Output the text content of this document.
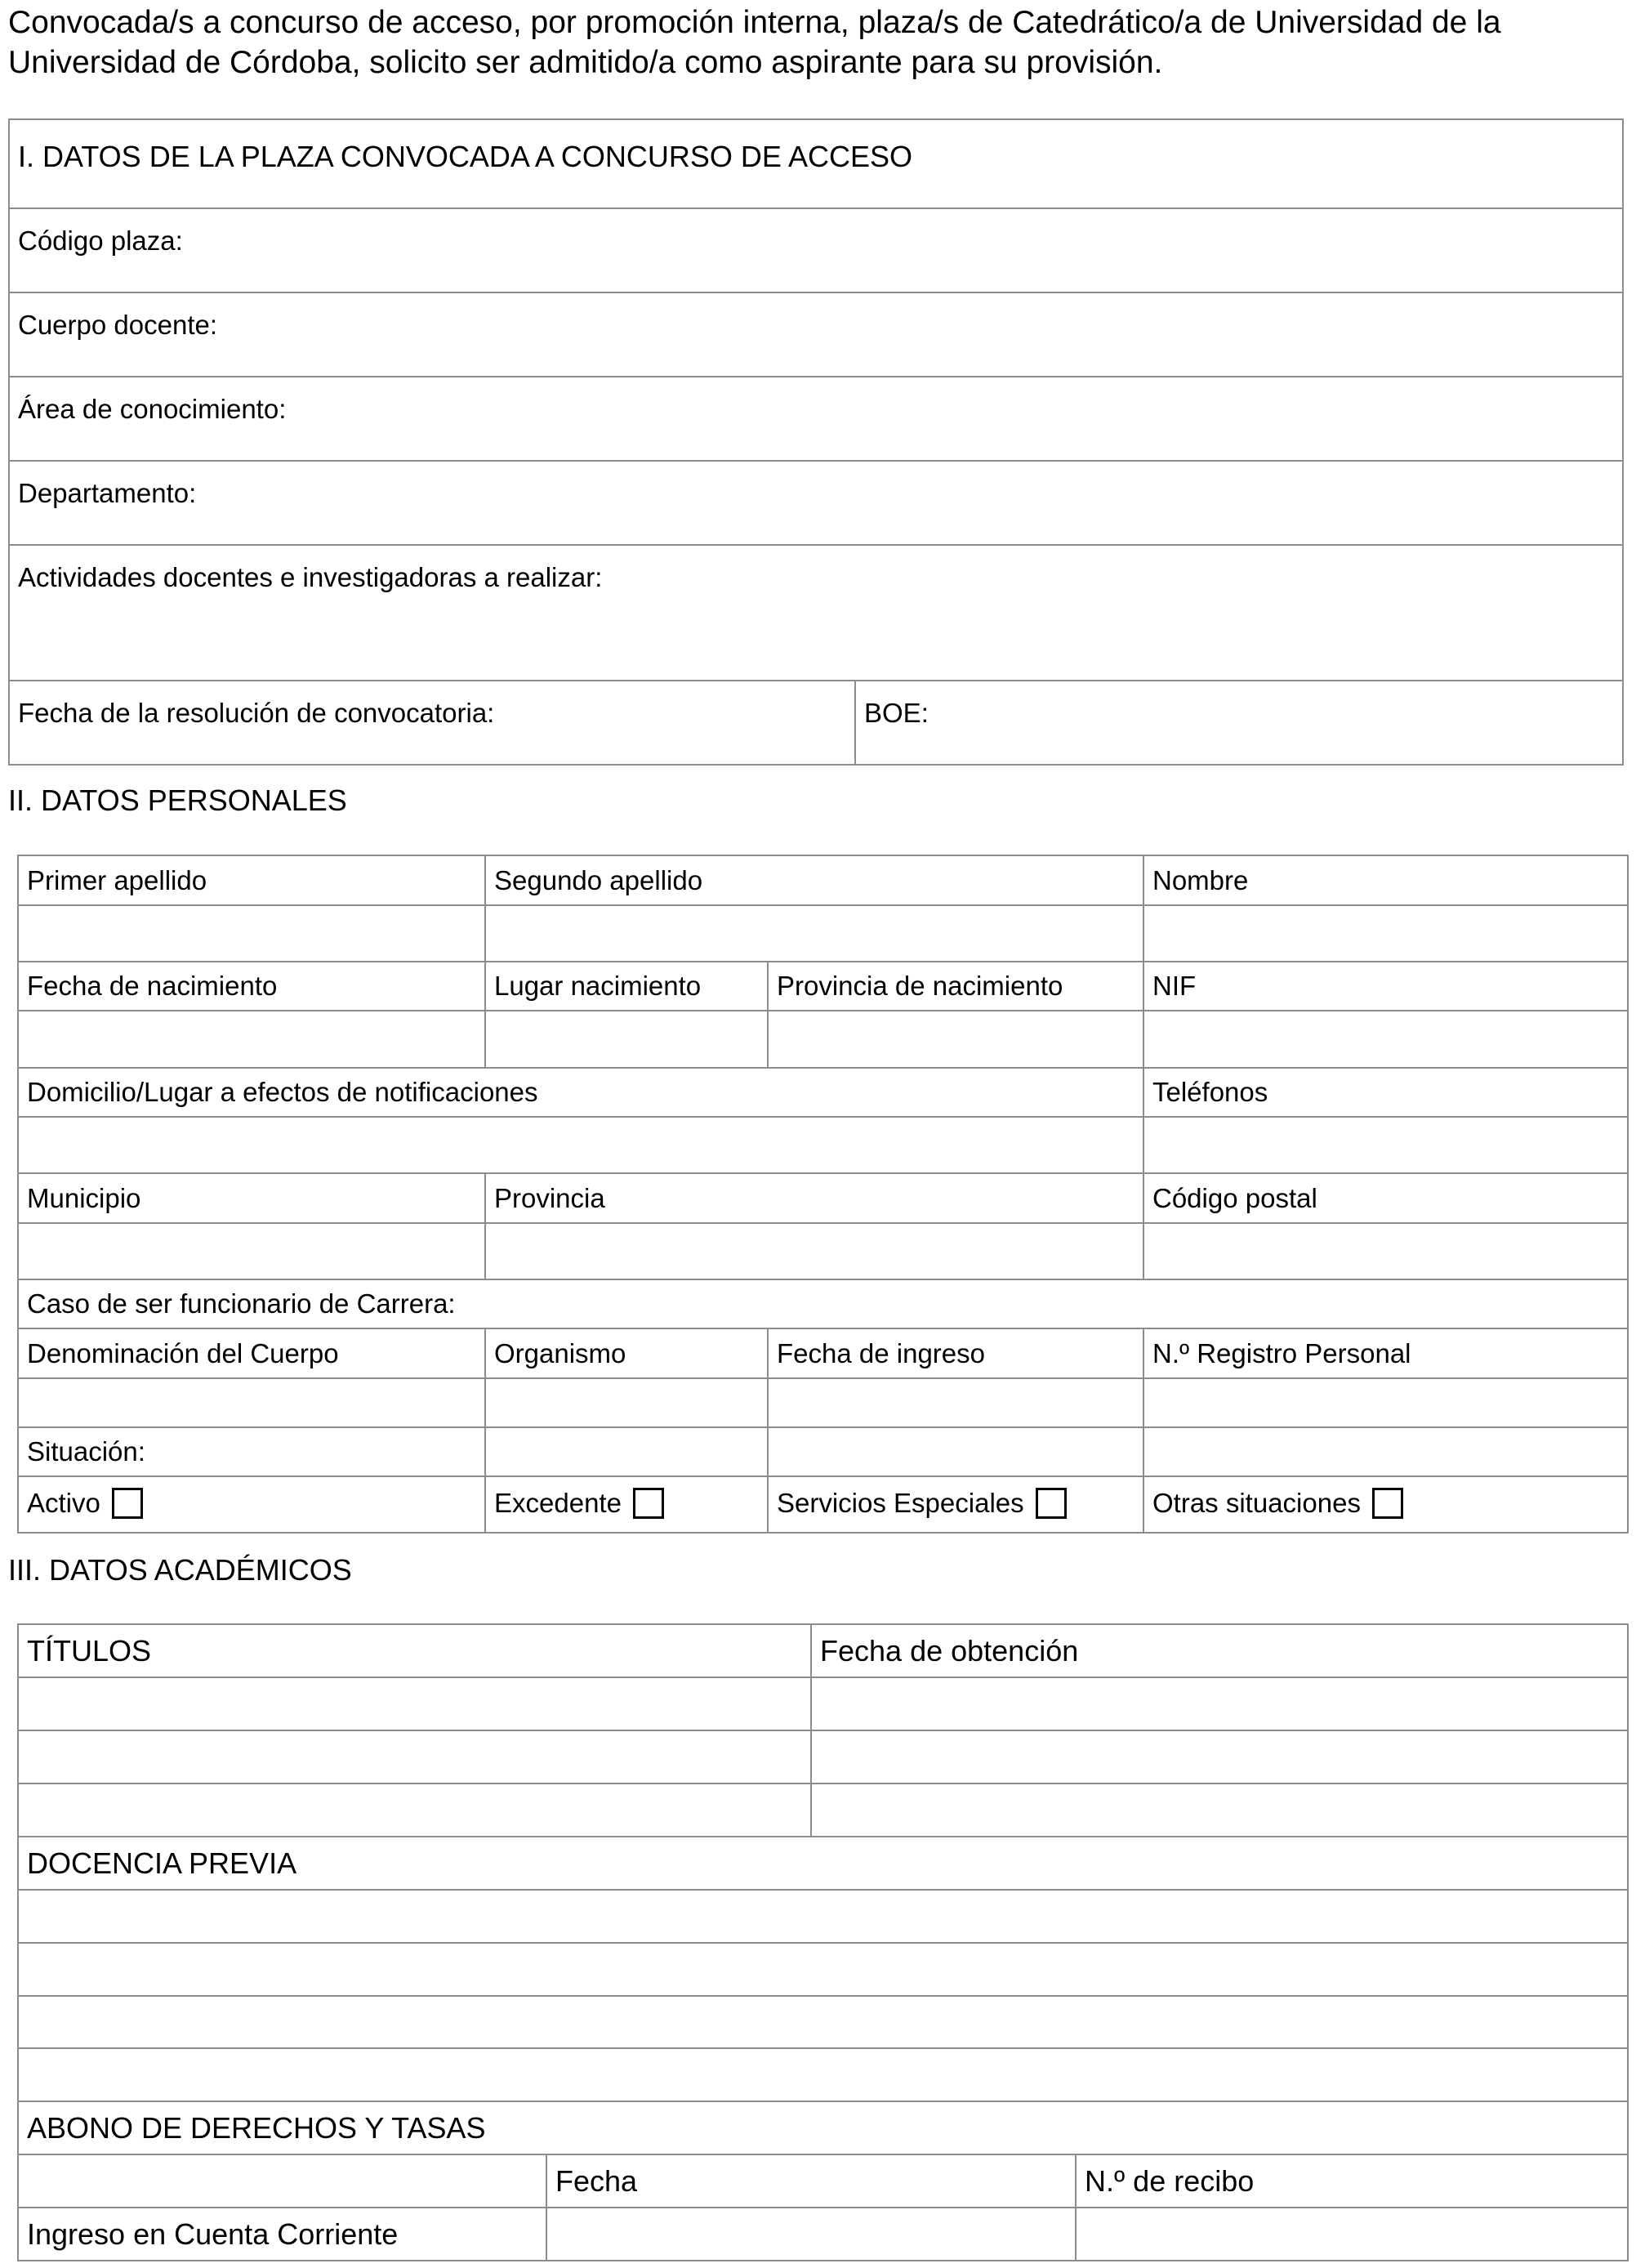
Convocada/s a concurso de acceso, por promoción interna, plaza/s de Catedrático/a de Universidad de la Universidad de Córdoba, solicito ser admitido/a como aspirante para su provisión.

I. DATOS DE LA PLAZA CONVOCADA A CONCURSO DE ACCESO
Código plaza:
Cuerpo docente:
Área de conocimiento:
Departamento:
Actividades docentes e investigadoras a realizar:
Fecha de la resolución de convocatoria:	BOE:
II. DATOS PERSONALES
Primer apellido	Segundo apellido		Nombre

Fecha de nacimiento	Lugar nacimiento	Provincia de nacimiento	NIF

Domicilio/Lugar a efectos de notificaciones			Teléfonos

Municipio	Provincia		Código postal

Caso de ser funcionario de Carrera:			
Denominación del Cuerpo	Organismo	Fecha de ingreso	N.º Registro Personal

Situación:			
Activo	Excedente	Servicios Especiales	Otras situaciones
III. DATOS ACADÉMICOS
TÍTULOS		Fecha de obtención	

DOCENCIA PREVIA			

ABONO DE DERECHOS Y TASAS			
	Fecha		N.º de recibo
Ingreso en Cuenta Corriente			
